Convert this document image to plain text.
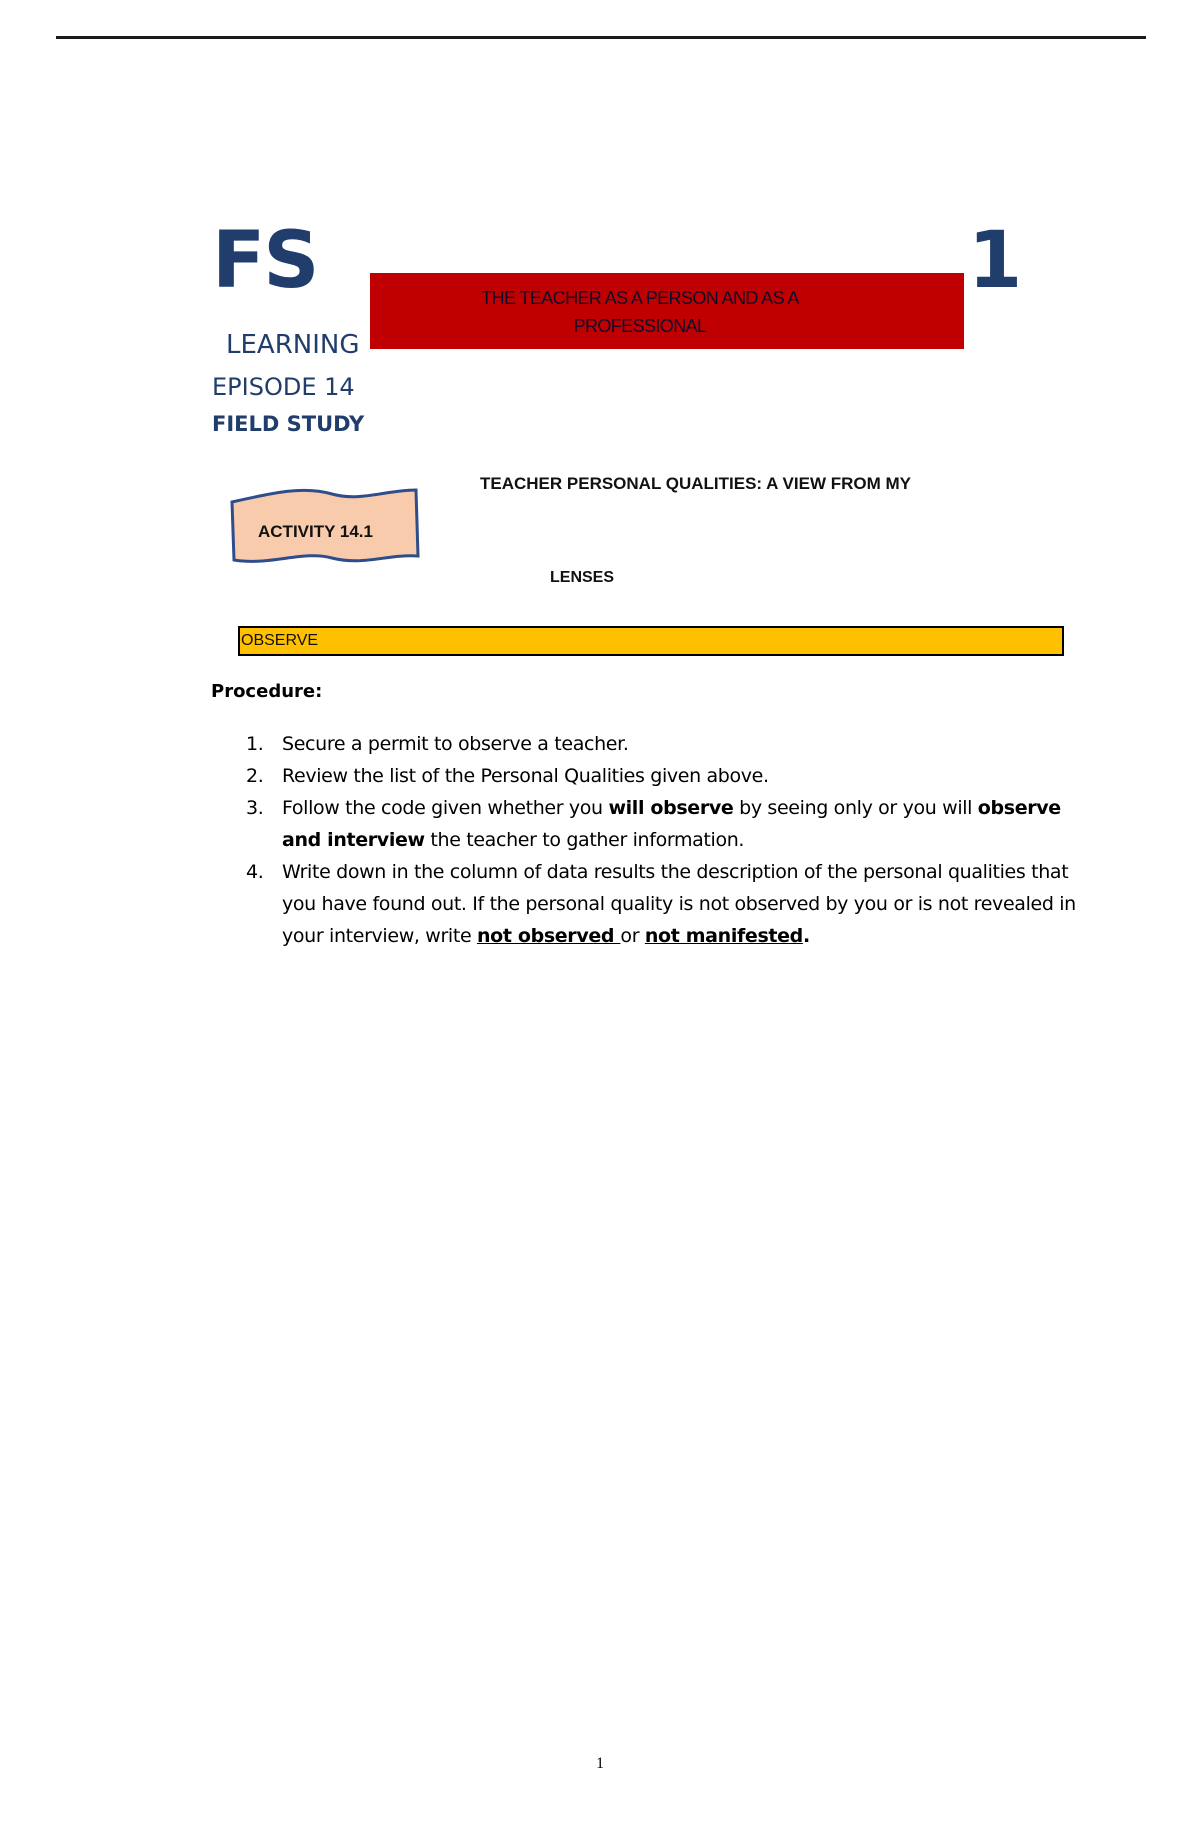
FS	1
THE TEACHER AS A PERSON AND AS A PROFESSIONAL
LEARNING
EPISODE 14
FIELD STUDY
ACTIVITY 14.1
TEACHER PERSONAL QUALITIES: A VIEW FROM MY
LENSES
OBSERVE
Procedure:
1. Secure a permit to observe a teacher.
2. Review the list of the Personal Qualities given above.
3. Follow the code given whether you will observe by seeing only or you will observe and interview the teacher to gather information.
4. Write down in the column of data results the description of the personal qualities that you have found out. If the personal quality is not observed by you or is not revealed in your interview, write not observed or not manifested.
1
